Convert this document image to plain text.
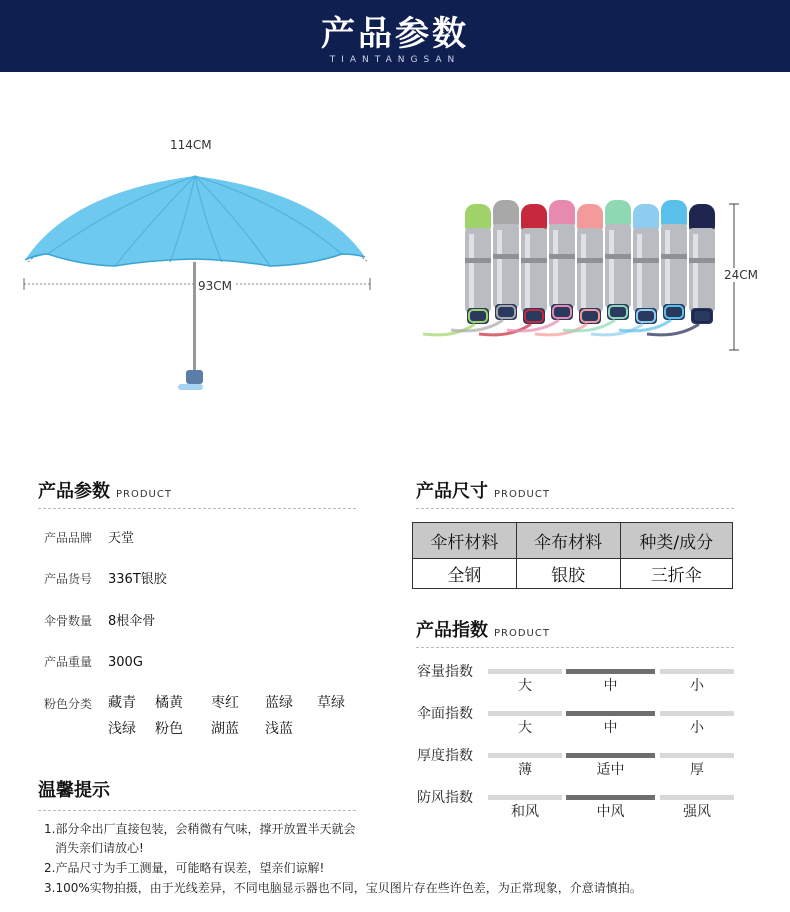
产品参数
TIANTANGSAN
114CM
93CM
24CM
产品参数 PRODUCT
产品品牌 天堂
产品货号 336T银胶
伞骨数量 8根伞骨
产品重量 300G
粉色分类	藏青 橘黄 枣红 蓝绿 草绿
浅绿 粉色 湖蓝 浅蓝
产品尺寸 PRODUCT
伞杆材料	伞布材料	种类/成分
全钢	银胶	三折伞
产品指数 PRODUCT
容量指数
大	中	小
伞面指数
大	中	小
厚度指数
薄	适中	厚
防风指数
和风	中风	强风
温馨提示
1.部分伞出厂直接包装，会稍微有气味，撑开放置半天就会
消失亲们请放心!
2.产品尺寸为手工测量，可能略有误差，望亲们谅解!
3.100%实物拍摄，由于光线差异，不同电脑显示器也不同，宝贝图片存在些许色差，为正常现象，介意请慎拍。
